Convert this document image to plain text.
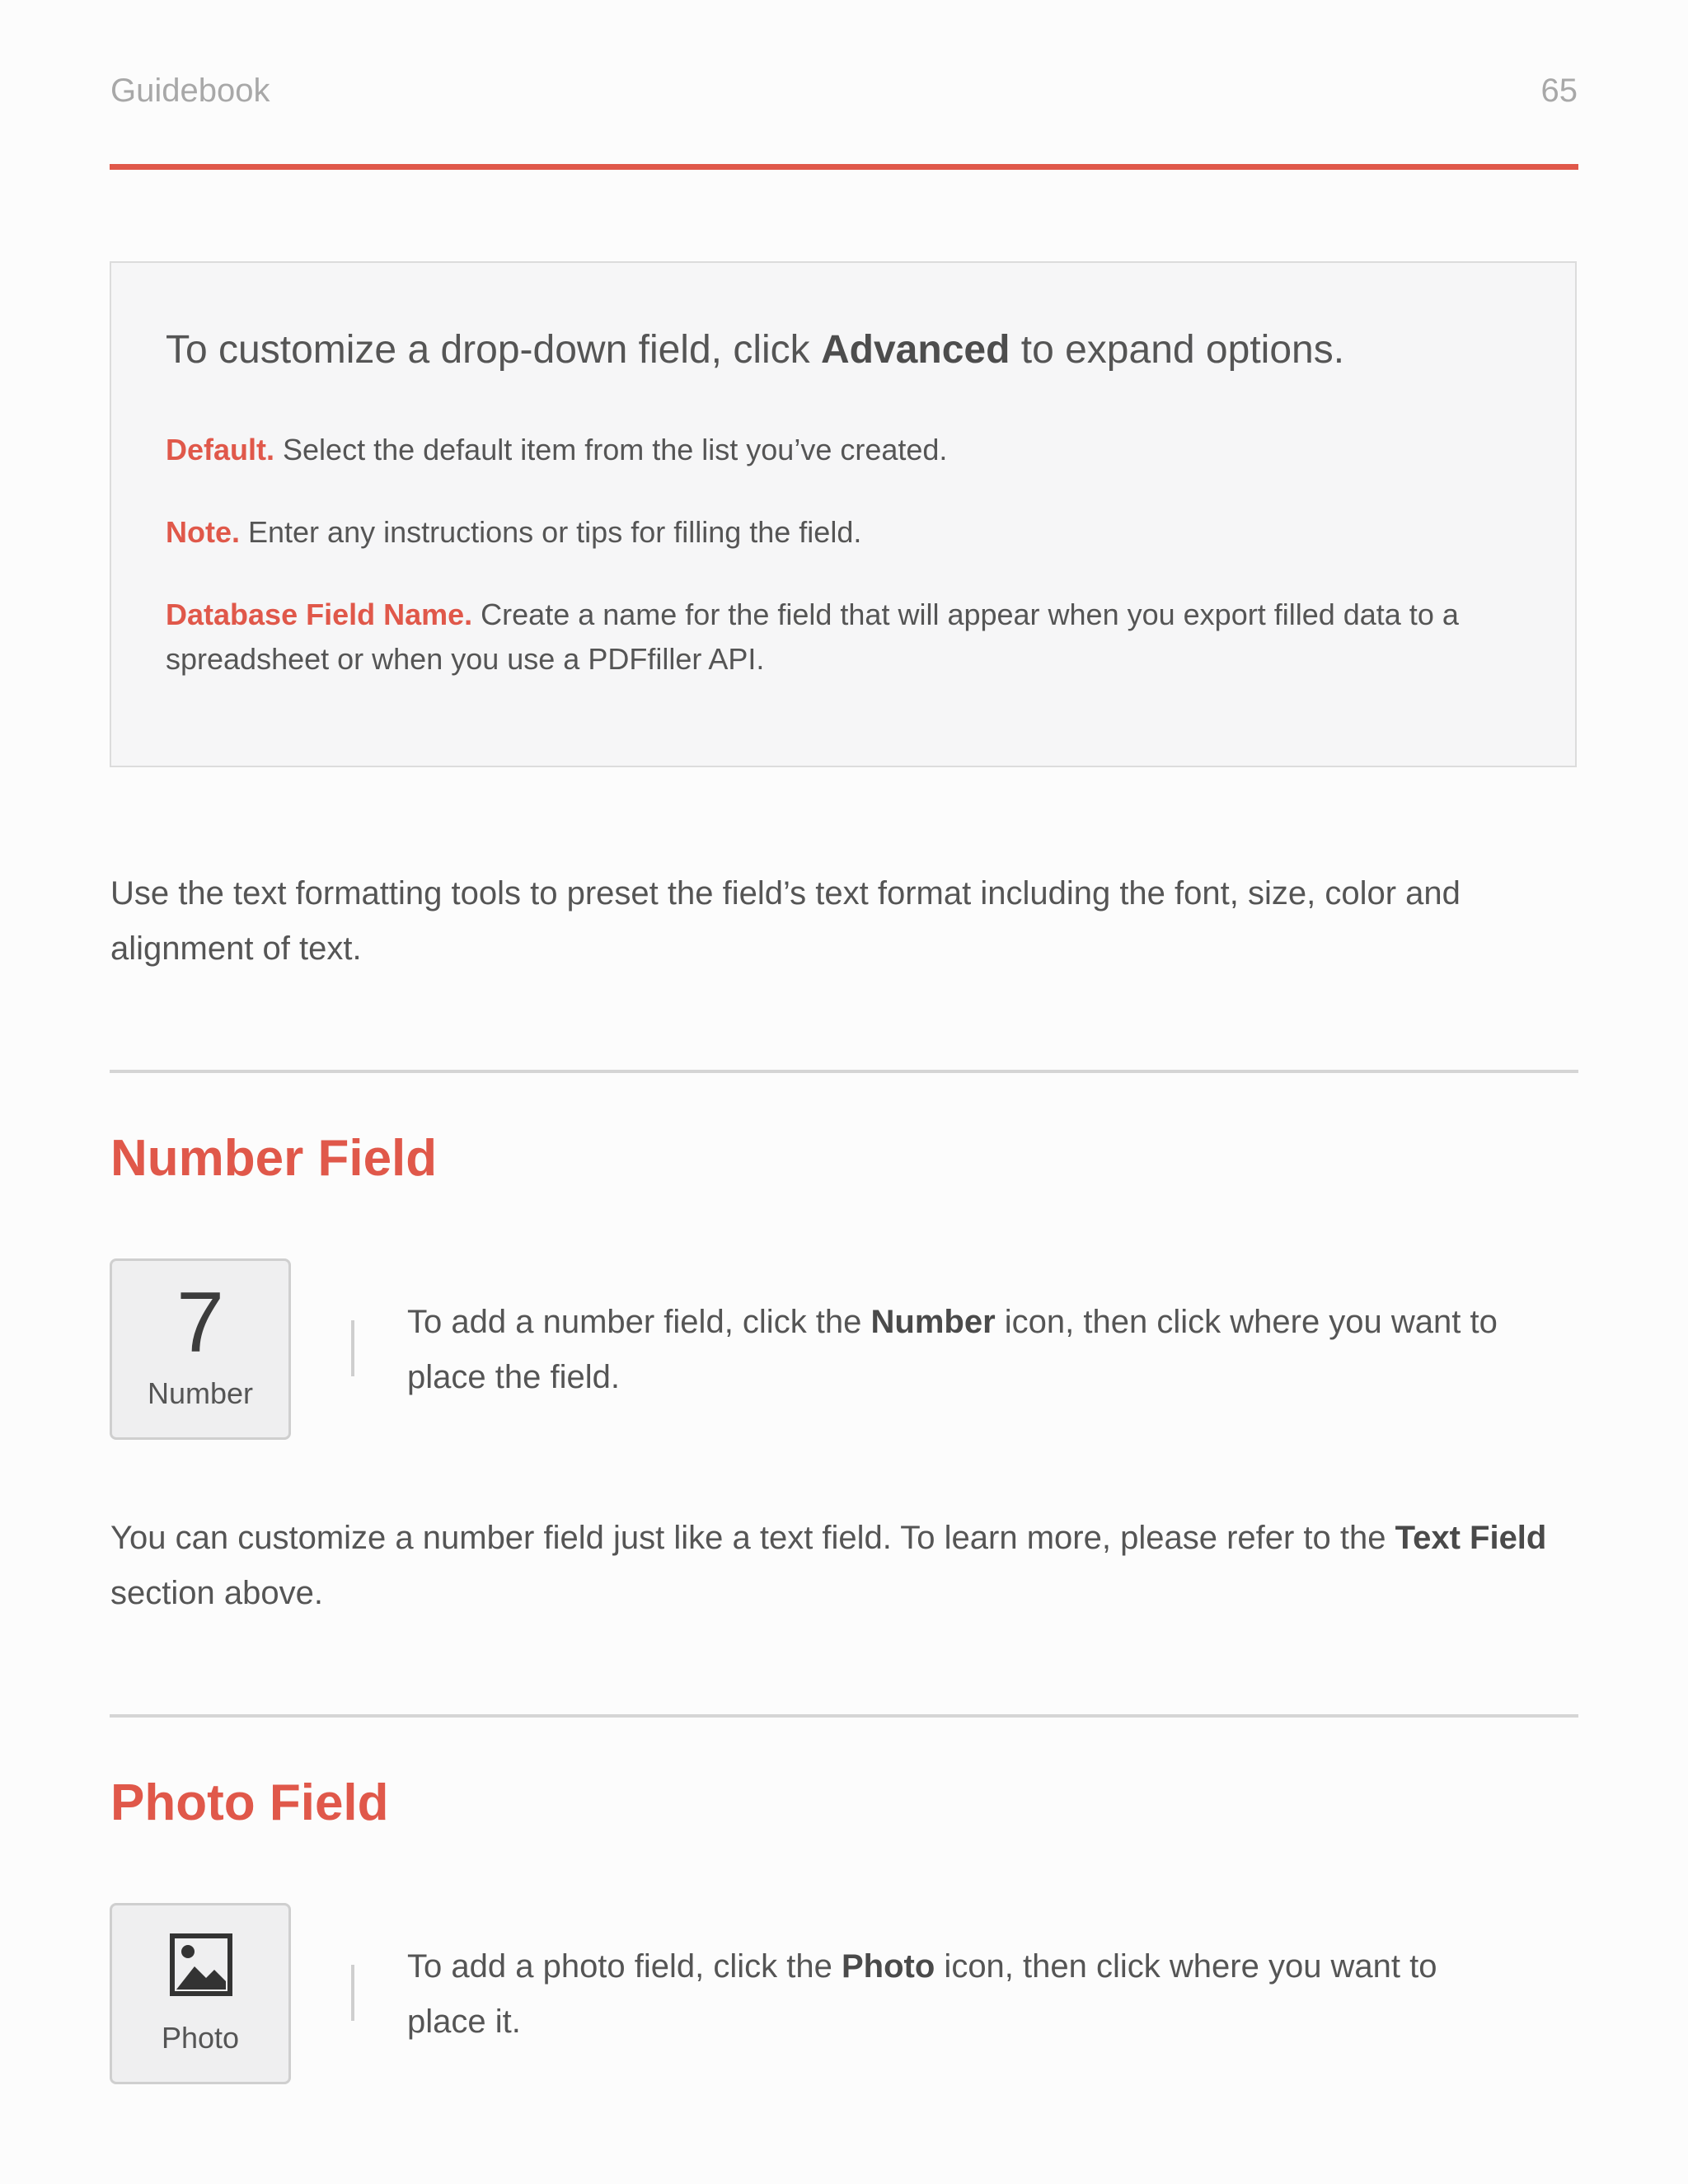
Guidebook	65
To customize a drop-down field, click Advanced to expand options.
Default. Select the default item from the list you’ve created.
Note. Enter any instructions or tips for filling the field.
Database Field Name. Create a name for the field that will appear when you export filled data to a spreadsheet or when you use a PDFfiller API.
Use the text formatting tools to preset the field’s text format including the font, size, color and alignment of text.
Number Field
7
Number
To add a number field, click the Number icon, then click where you want to place the field.
You can customize a number field just like a text field. To learn more, please refer to the Text Field section above.
Photo Field
Photo
To add a photo field, click the Photo icon, then click where you want to place it.
